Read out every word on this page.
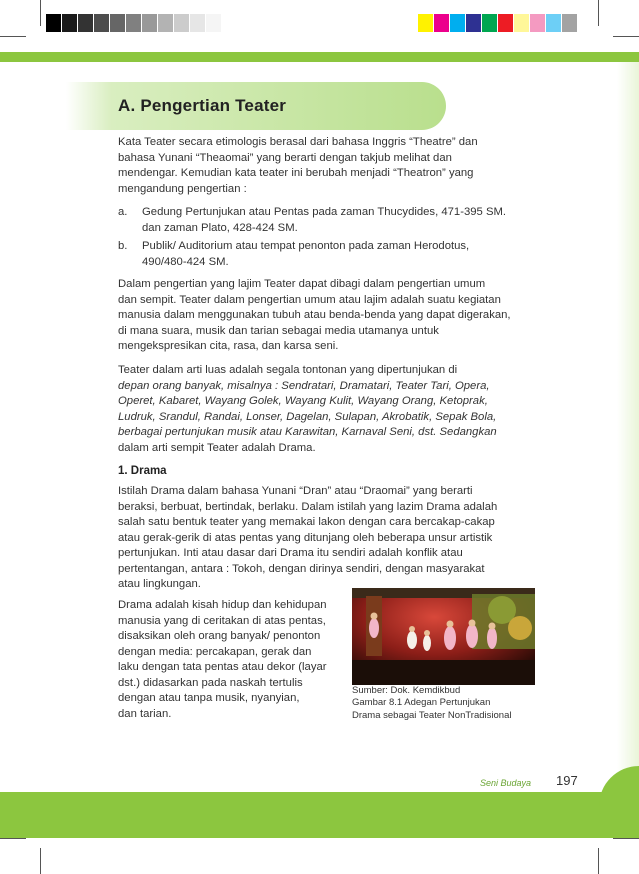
A. Pengertian Teater

Kata Teater secara etimologis berasal dari bahasa Inggris “Theatre” dan

bahasa Yunani “Theaomai” yang berarti dengan takjub melihat dan

mendengar. Kemudian kata teater ini berubah menjadi “Theatron” yang

mengandung pengertian :

a. Gedung Pertunjukan atau Pentas pada zaman Thucydides, 471-395 SM.

dan zaman Plato, 428-424 SM.

b. Publik/ Auditorium atau tempat penonton pada zaman Herodotus,

490/480-424 SM.

Dalam pengertian yang lajim Teater dapat dibagi dalam pengertian umum

dan sempit. Teater dalam pengertian umum atau lajim adalah suatu kegiatan

manusia dalam menggunakan tubuh atau benda-benda yang dapat digerakan,

di mana suara, musik dan tarian sebagai media utamanya untuk

mengekspresikan cita, rasa, dan karsa seni.

Teater dalam arti luas adalah segala tontonan yang dipertunjukan di

depan orang banyak, misalnya : Sendratari, Dramatari, Teater Tari, Opera,

Operet, Kabaret, Wayang Golek, Wayang Kulit, Wayang Orang, Ketoprak,

Ludruk, Srandul, Randai, Lonser, Dagelan, Sulapan, Akrobatik, Sepak Bola,

berbagai pertunjukan musik atau Karawitan, Karnaval Seni, dst. Sedangkan

dalam arti sempit Teater adalah Drama.

1. Drama

Istilah Drama dalam bahasa Yunani “Dran” atau “Draomai” yang berarti

beraksi, berbuat, bertindak, berlaku. Dalam istilah yang lazim Drama adalah

salah satu bentuk teater yang memakai lakon dengan cara bercakap-cakap

atau gerak-gerik di atas pentas yang ditunjang oleh beberapa unsur artistik

pertunjukan. Inti atau dasar dari Drama itu sendiri adalah konflik atau

pertentangan, antara : Tokoh, dengan dirinya sendiri, dengan masyarakat

atau lingkungan.

Drama adalah kisah hidup dan kehidupan

manusia yang di ceritakan di atas pentas,

disaksikan oleh orang banyak/ penonton

dengan media: percakapan, gerak dan

laku dengan tata pentas atau dekor (layar

dst.) didasarkan pada naskah tertulis

dengan atau tanpa musik, nyanyian,

dan tarian.

Sumber: Dok. Kemdikbud

Gambar 8.1 Adegan Pertunjukan

Drama sebagai Teater NonTradisional

Seni Budaya 197
